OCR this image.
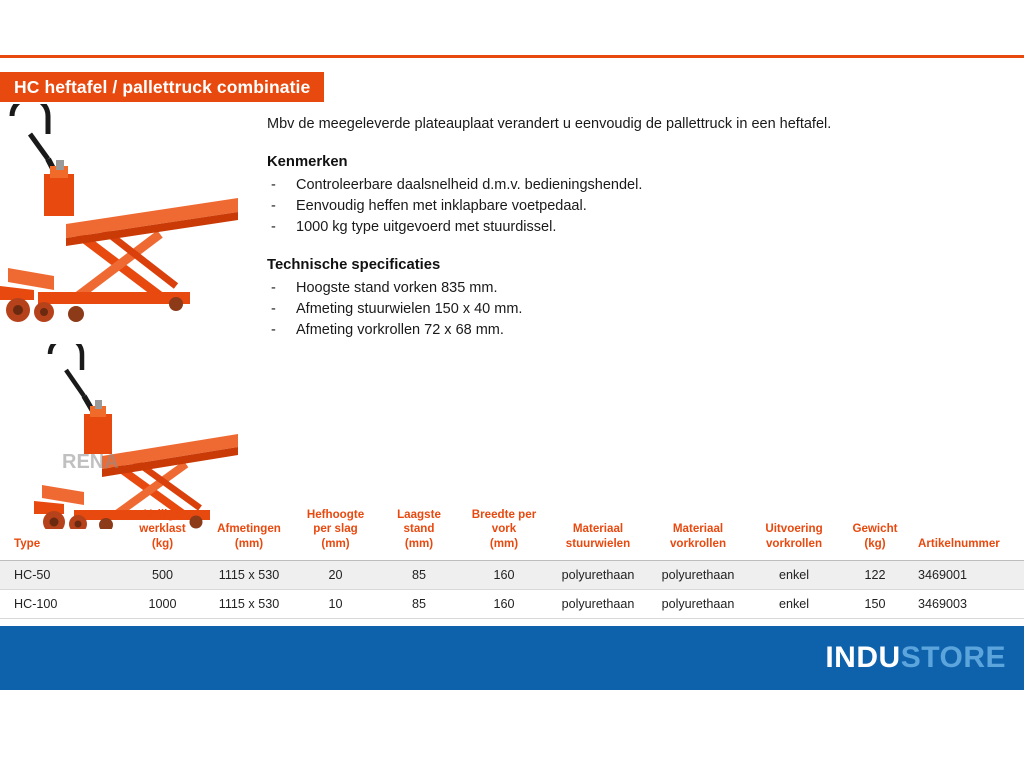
HC heftafel / pallettruck combinatie
RENA

Mbv de meegeleverde plateauplaat verandert u eenvoudig de pallettruck in een heftafel.

Kenmerken
- Controleerbare daalsnelheid d.m.v. bedieningshendel.
- Eenvoudig heffen met inklapbare voetpedaal.
- 1000 kg type uitgevoerd met stuurdissel.
Technische specificaties
- Hoogste stand vorken 835 mm.
- Afmeting stuurwielen 150 x 40 mm.
- Afmeting vorkrollen 72 x 68 mm.
Type	Veilige
werklast
(kg)	Afmetingen
(mm)	Hefhoogte
per slag
(mm)	Laagste
stand
(mm)	Breedte per
vork
(mm)	Materiaal
stuurwielen	Materiaal
vorkrollen	Uitvoering
vorkrollen	Gewicht
(kg)	Artikelnummer
HC-50	500	1115 x 530	20	85	160	polyurethaan	polyurethaan	enkel	122	3469001
HC-100	1000	1115 x 530	10	85	160	polyurethaan	polyurethaan	enkel	150	3469003
INDUSTORE
